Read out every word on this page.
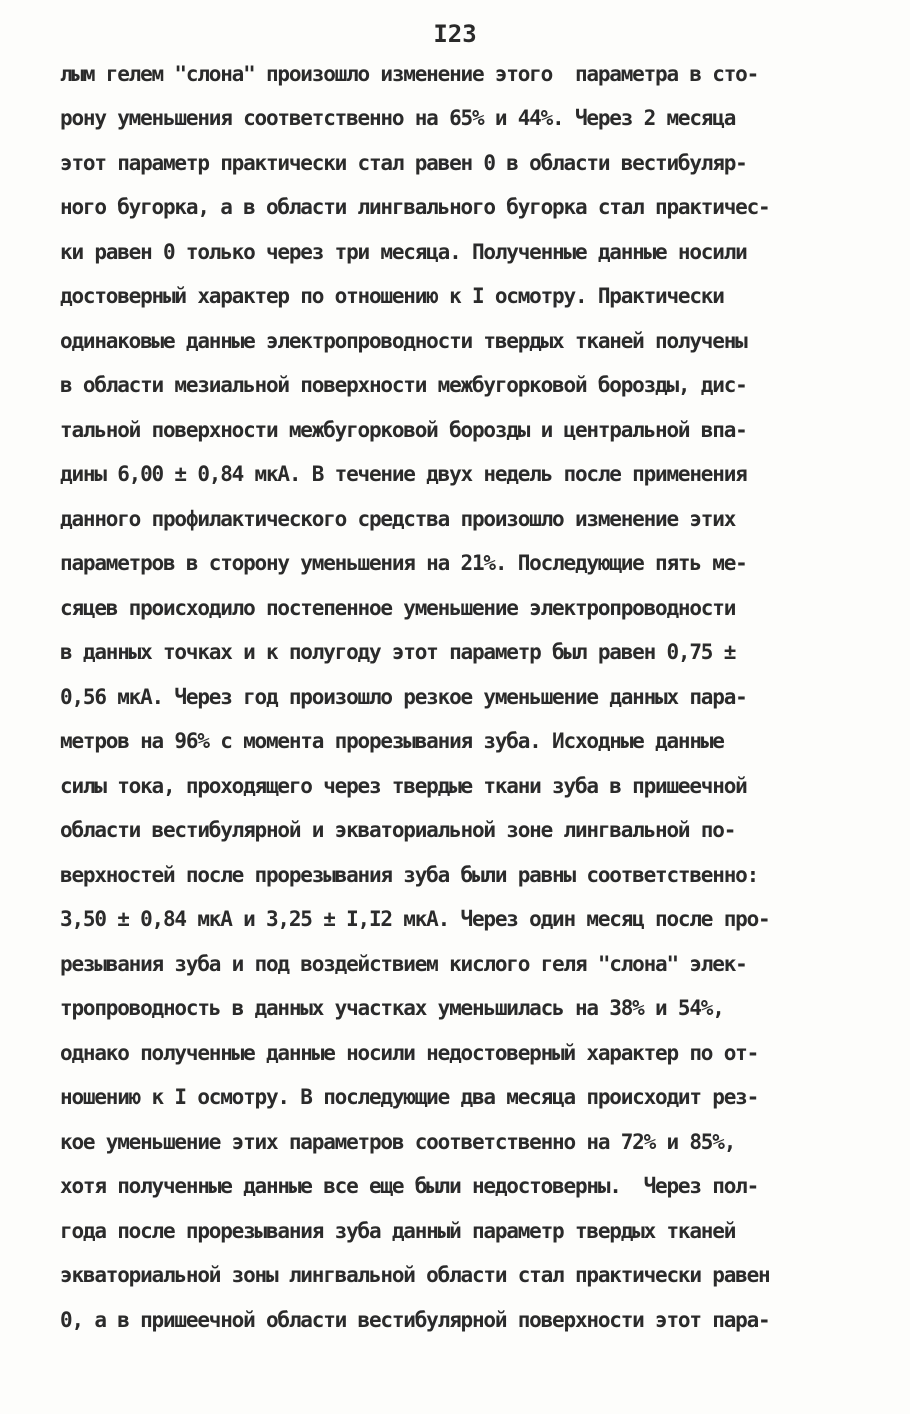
I23
лым гелем "слона" произошло изменение этого  параметра в сто-
рону уменьшения соответственно на 65% и 44%. Через 2 месяца
этот параметр практически стал равен 0 в области вестибуляр-
ного бугорка, а в области лингвального бугорка стал практичес-
ки равен 0 только через три месяца. Полученные данные носили
достоверный характер по отношению к I осмотру. Практически
одинаковые данные электропроводности твердых тканей получены
в области мезиальной поверхности межбугорковой борозды, дис-
тальной поверхности межбугорковой борозды и центральной впа-
дины 6,00 ± 0,84 мкА. В течение двух недель после применения
данного профилактического средства произошло изменение этих
параметров в сторону уменьшения на 21%. Последующие пять ме-
сяцев происходило постепенное уменьшение электропроводности
в данных точках и к полугоду этот параметр был равен 0,75 ±
0,56 мкА. Через год произошло резкое уменьшение данных пара-
метров на 96% с момента прорезывания зуба. Исходные данные
силы тока, проходящего через твердые ткани зуба в пришеечной
области вестибулярной и экваториальной зоне лингвальной по-
верхностей после прорезывания зуба были равны соответственно:
3,50 ± 0,84 мкА и 3,25 ± I,I2 мкА. Через один месяц после про-
резывания зуба и под воздействием кислого геля "слона" элек-
тропроводность в данных участках уменьшилась на 38% и 54%,
однако полученные данные носили недостоверный характер по от-
ношению к I осмотру. В последующие два месяца происходит рез-
кое уменьшение этих параметров соответственно на 72% и 85%,
хотя полученные данные все еще были недостоверны.  Через пол-
года после прорезывания зуба данный параметр твердых тканей
экваториальной зоны лингвальной области стал практически равен
0, а в пришеечной области вестибулярной поверхности этот пара-
